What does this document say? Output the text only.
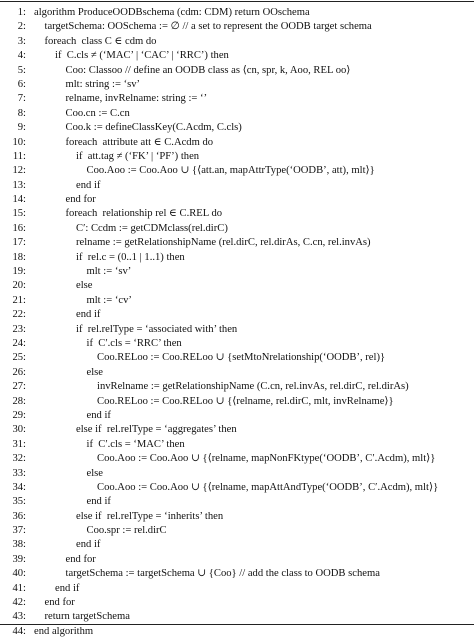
1: algorithm ProduceOODBschema (cdm: CDM) return OOschema
2: targetSchema: OOSchema := ∅ // a set to represent the OODB target schema
3: foreach  class C ∈ cdm do
4:	if  C.cls ≠ (‘MAC’ | ‘CAC’ | ‘RRC’) then
5:	Coo: Classoo // define an OODB class as ⟨cn, spr, k, Aoo, REL oo⟩
6:	mlt: string := ‘sv’
7:	relname, invRelname: string := ‘’
8:	Coo.cn := C.cn
9:	Coo.k := defineClassKey(C.Acdm, C.cls)
10:	foreach  attribute att ∈ C.Acdm do
11:	if  att.tag ≠ (‘FK’ | ‘PF’) then
12:	Coo.Aoo := Coo.Aoo ∪ {⟨att.an, mapAttrType(‘OODB’, att), mlt⟩}
13:	end if
14:	end for
15:	foreach  relationship rel ∈ C.REL do
16:	C′: Ccdm := getCDMclass(rel.dirC)
17:	relname := getRelationshipName (rel.dirC, rel.dirAs, C.cn, rel.invAs)
18:	if  rel.c = (0..1 | 1..1) then
19:	mlt := ‘sv’
20:	else
21:	mlt := ‘cv’
22:	end if
23:	if  rel.relType = ‘associated with’ then
24:	if  C′.cls = ‘RRC’ then
25:	Coo.RELoo := Coo.RELoo ∪ {setMtoNrelationship(‘OODB’, rel)}
26:	else
27:	invRelname := getRelationshipName (C.cn, rel.invAs, rel.dirC, rel.dirAs)
28:	Coo.RELoo := Coo.RELoo ∪ {⟨relname, rel.dirC, mlt, invRelname⟩}
29:	end if
30:	else if  rel.relType = ‘aggregates’ then
31:	if  C′.cls = ‘MAC’ then
32:	Coo.Aoo := Coo.Aoo ∪ {⟨relname, mapNonFKtype(‘OODB’, C′.Acdm), mlt⟩}
33:	else
34:	Coo.Aoo := Coo.Aoo ∪ {⟨relname, mapAttAndType(‘OODB’, C′.Acdm), mlt⟩}
35:	end if
36:	else if  rel.relType = ‘inherits’ then
37:	Coo.spr := rel.dirC
38:	end if
39:	end for
40:	targetSchema := targetSchema ∪ {Coo} // add the class to OODB schema
41:	end if
42: end for
43: return targetSchema
44: end algorithm
